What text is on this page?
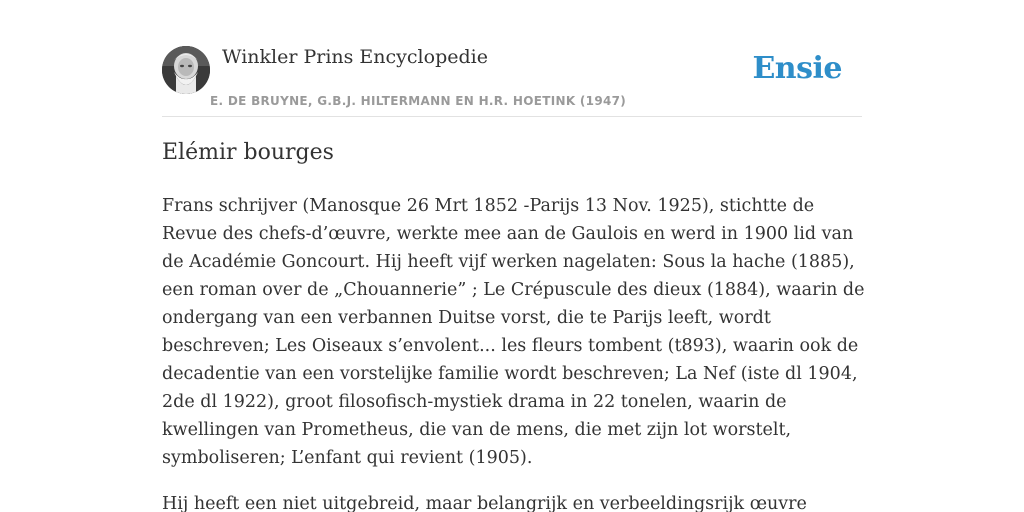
Winkler Prins Encyclopedie
E. DE BRUYNE, G.B.J. HILTERMANN EN H.R. HOETINK (1947)
Ensie
Elémir bourges

Frans schrijver (Manosque 26 Mrt 1852 -Parijs 13 Nov. 1925), stichtte de Revue des chefs-d’œuvre, werkte mee aan de Gaulois en werd in 1900 lid van de Académie Goncourt. Hij heeft vijf werken nagelaten: Sous la hache (1885), een roman over de „Chouannerie” ; Le Crépuscule des dieux (1884), waarin de ondergang van een verbannen Duitse vorst, die te Parijs leeft, wordt beschreven; Les Oiseaux s’envolent... les fleurs tombent (t893), waarin ook de decadentie van een vorstelijke familie wordt beschreven; La Nef (iste dl 1904, 2de dl 1922), groot filosofisch-mystiek drama in 22 tonelen, waarin de kwellingen van Prometheus, die van de mens, die met zijn lot worstelt, symboliseren; L’enfant qui revient (1905).

Hij heeft een niet uitgebreid, maar belangrijk en verbeeldingsrijk œuvre
